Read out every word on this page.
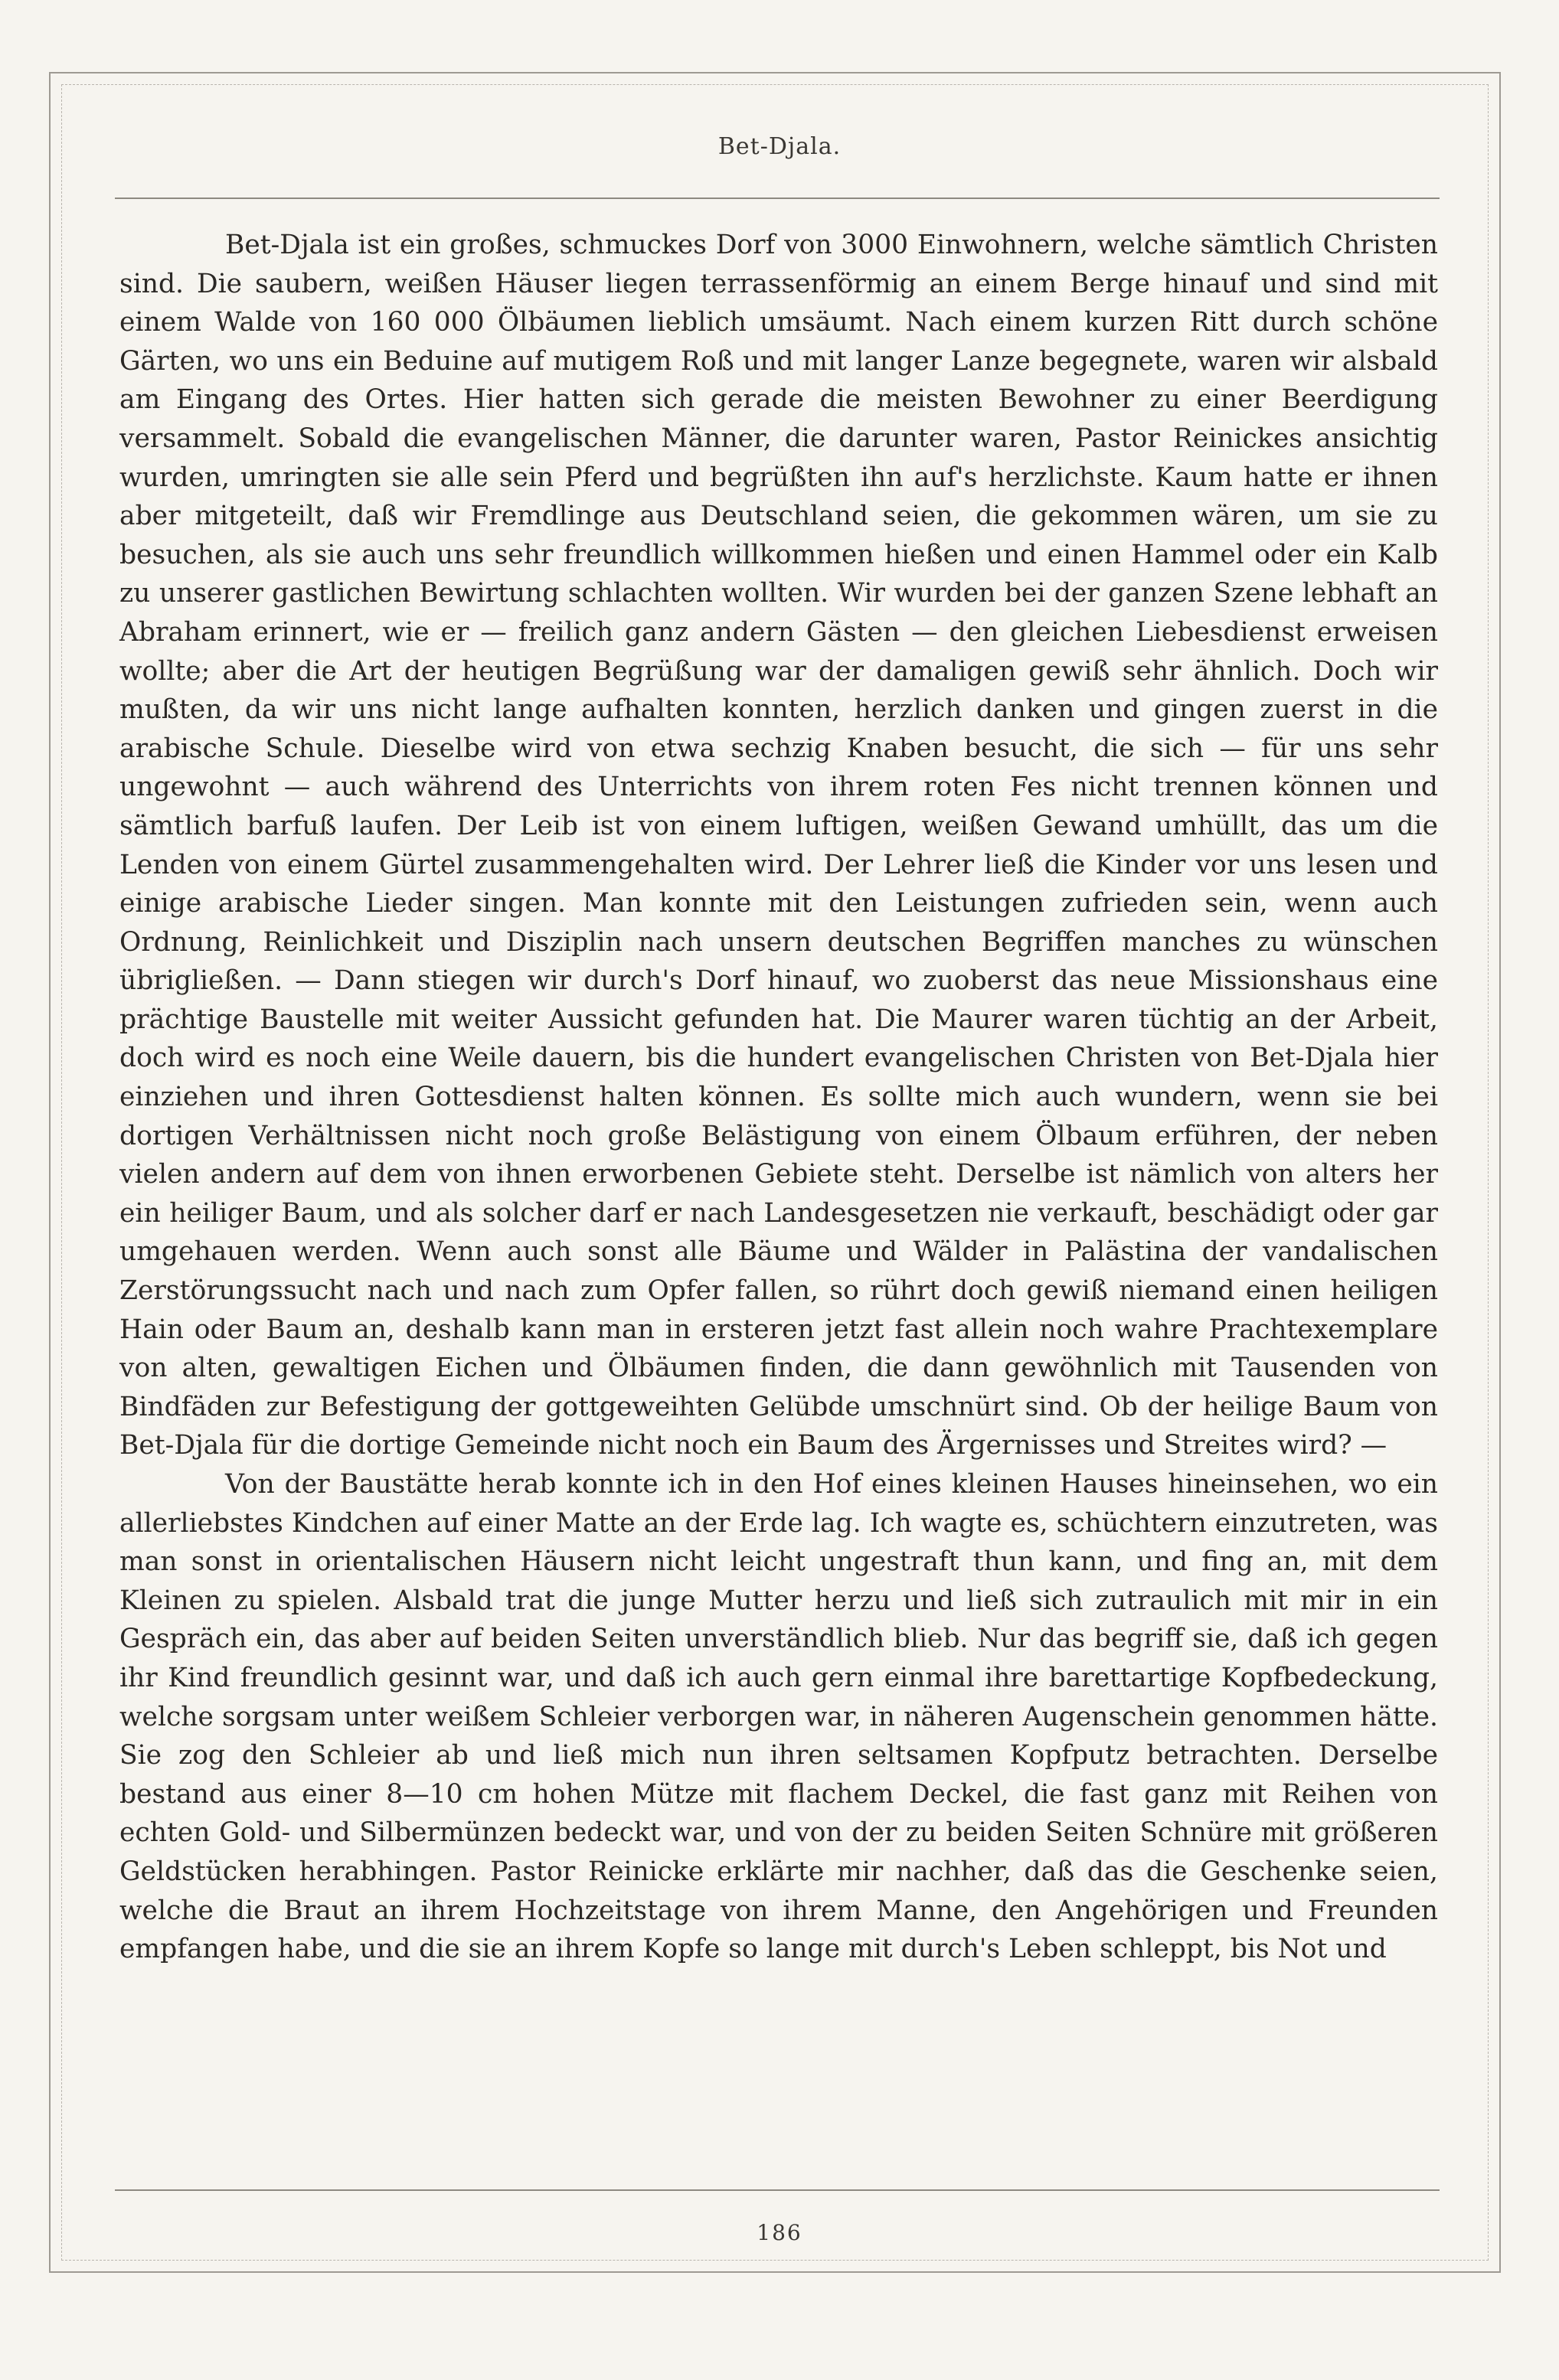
Bet-Djala.

Bet-Djala ist ein großes, schmuckes Dorf von 3000 Einwohnern, welche sämtlich Christen sind. Die saubern, weißen Häuser liegen terrassenförmig an einem Berge hinauf und sind mit einem Walde von 160 000 Ölbäumen lieblich umsäumt. Nach einem kurzen Ritt durch schöne Gärten, wo uns ein Beduine auf mutigem Roß und mit langer Lanze begegnete, waren wir alsbald am Eingang des Ortes. Hier hatten sich gerade die meisten Bewohner zu einer Beerdigung versammelt. Sobald die evangelischen Männer, die darunter waren, Pastor Reinickes ansichtig wurden, umringten sie alle sein Pferd und begrüßten ihn auf's herzlichste. Kaum hatte er ihnen aber mitgeteilt, daß wir Fremdlinge aus Deutschland seien, die gekommen wären, um sie zu besuchen, als sie auch uns sehr freundlich willkommen hießen und einen Hammel oder ein Kalb zu unserer gastlichen Bewirtung schlachten wollten. Wir wurden bei der ganzen Szene lebhaft an Abraham erinnert, wie er — freilich ganz andern Gästen — den gleichen Liebesdienst erweisen wollte; aber die Art der heutigen Begrüßung war der damaligen gewiß sehr ähnlich. Doch wir mußten, da wir uns nicht lange aufhalten konnten, herzlich danken und gingen zuerst in die arabische Schule. Dieselbe wird von etwa sechzig Knaben besucht, die sich — für uns sehr ungewohnt — auch während des Unterrichts von ihrem roten Fes nicht trennen können und sämtlich barfuß laufen. Der Leib ist von einem luftigen, weißen Gewand umhüllt, das um die Lenden von einem Gürtel zusammengehalten wird. Der Lehrer ließ die Kinder vor uns lesen und einige arabische Lieder singen. Man konnte mit den Leistungen zufrieden sein, wenn auch Ordnung, Reinlichkeit und Disziplin nach unsern deutschen Begriffen manches zu wünschen übrigließen. — Dann stiegen wir durch's Dorf hinauf, wo zuoberst das neue Missionshaus eine prächtige Baustelle mit weiter Aussicht gefunden hat. Die Maurer waren tüchtig an der Arbeit, doch wird es noch eine Weile dauern, bis die hundert evangelischen Christen von Bet-Djala hier einziehen und ihren Gottesdienst halten können. Es sollte mich auch wundern, wenn sie bei dortigen Verhältnissen nicht noch große Belästigung von einem Ölbaum erführen, der neben vielen andern auf dem von ihnen erworbenen Gebiete steht. Derselbe ist nämlich von alters her ein heiliger Baum, und als solcher darf er nach Landesgesetzen nie verkauft, beschädigt oder gar umgehauen werden. Wenn auch sonst alle Bäume und Wälder in Palästina der vandalischen Zerstörungssucht nach und nach zum Opfer fallen, so rührt doch gewiß niemand einen heiligen Hain oder Baum an, deshalb kann man in ersteren jetzt fast allein noch wahre Prachtexemplare von alten, gewaltigen Eichen und Ölbäumen finden, die dann gewöhnlich mit Tausenden von Bindfäden zur Befestigung der gottgeweihten Gelübde umschnürt sind. Ob der heilige Baum von Bet-Djala für die dortige Gemeinde nicht noch ein Baum des Ärgernisses und Streites wird? —

Von der Baustätte herab konnte ich in den Hof eines kleinen Hauses hineinsehen, wo ein allerliebstes Kindchen auf einer Matte an der Erde lag. Ich wagte es, schüchtern einzutreten, was man sonst in orientalischen Häusern nicht leicht ungestraft thun kann, und fing an, mit dem Kleinen zu spielen. Alsbald trat die junge Mutter herzu und ließ sich zutraulich mit mir in ein Gespräch ein, das aber auf beiden Seiten unverständlich blieb. Nur das begriff sie, daß ich gegen ihr Kind freundlich gesinnt war, und daß ich auch gern einmal ihre barettartige Kopfbedeckung, welche sorgsam unter weißem Schleier verborgen war, in näheren Augenschein genommen hätte. Sie zog den Schleier ab und ließ mich nun ihren seltsamen Kopfputz betrachten. Derselbe bestand aus einer 8—10 cm hohen Mütze mit flachem Deckel, die fast ganz mit Reihen von echten Gold- und Silbermünzen bedeckt war, und von der zu beiden Seiten Schnüre mit größeren Geldstücken herabhingen. Pastor Reinicke erklärte mir nachher, daß das die Geschenke seien, welche die Braut an ihrem Hochzeitstage von ihrem Manne, den Angehörigen und Freunden empfangen habe, und die sie an ihrem Kopfe so lange mit durch's Leben schleppt, bis Not und

186
